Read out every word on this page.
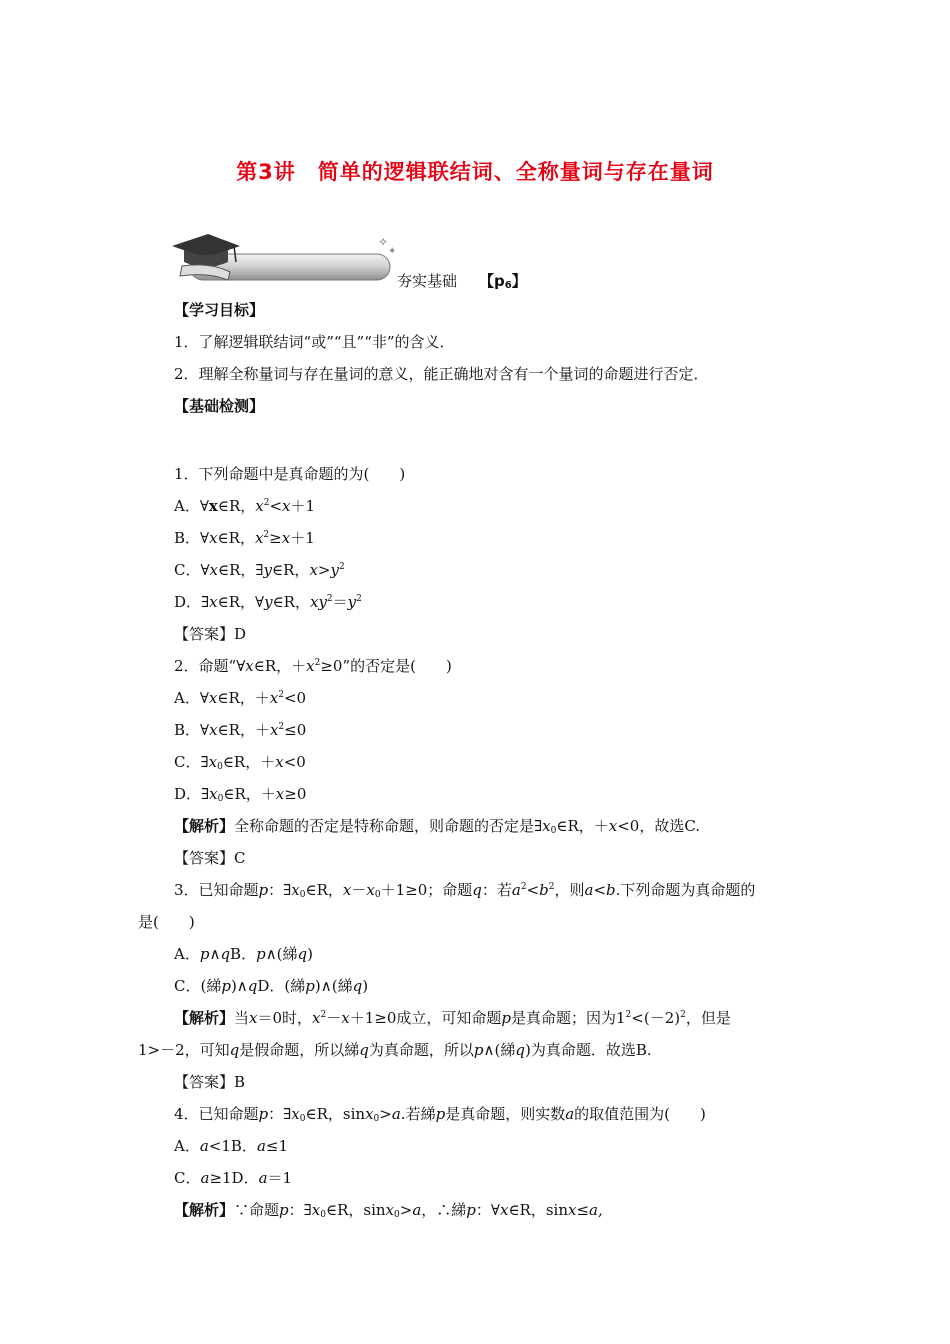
第3讲　简单的逻辑联结词、全称量词与存在量词
✧
✦
夯实基础 【$p_6$】
【学习目标】
1．了解逻辑联结词“或”“且”“非”的含义．
2．理解全称量词与存在量词的意义，能正确地对含有一个量词的命题进行否定．
【基础检测】
1．下列命题中是真命题的为(　　)
A．∀x∈R，$x^2<x+1$
B．∀x∈R，$x^2\ge x+1$
C．∀x∈R，∃y∈R，$x>y^2$
D．∃x∈R，∀y∈R，$xy^2=y^2$
【答案】D
2．命题“∀x∈R，$+x^2\ge 0$”的否定是(　　)
A．∀x∈R，$+x^2<0$
B．∀x∈R，$+x^2\le 0$
C．$\exists x_0\in R$，＋x<0
D．$\exists x_0\in R$，＋x≥0
【解析】全称命题的否定是特称命题，则命题的否定是$\exists x_0\in R$，＋x<0，故选C.
【答案】C
3．已知命题p：$\exists x_0\in R$，$x-x_0+1\ge 0$；命题q：若$a^2<b^2$，则a<b.下列命题为真命题的
是(　　)
A．p∧qB．p∧(綈q)
C．(綈p)∧qD．(綈p)∧(綈q)
【解析】当x＝0时，$x^2-x+1\ge 0$成立，可知命题p是真命题；因为$1^2<(-2)^2$，但是
1>－2，可知q是假命题，所以綈q为真命题，所以p∧(綈q)为真命题．故选B.
【答案】B
4．已知命题p：$\exists x_0\in R$，sinx$_0$>a.若綈p是真命题，则实数a的取值范围为(　　)
A．a<1B．a≤1
C．a≥1D．a＝1
【解析】∵命题p：$\exists x_0\in R$，sinx$_0$>a，∴綈p：∀x∈R，sinx≤a,
